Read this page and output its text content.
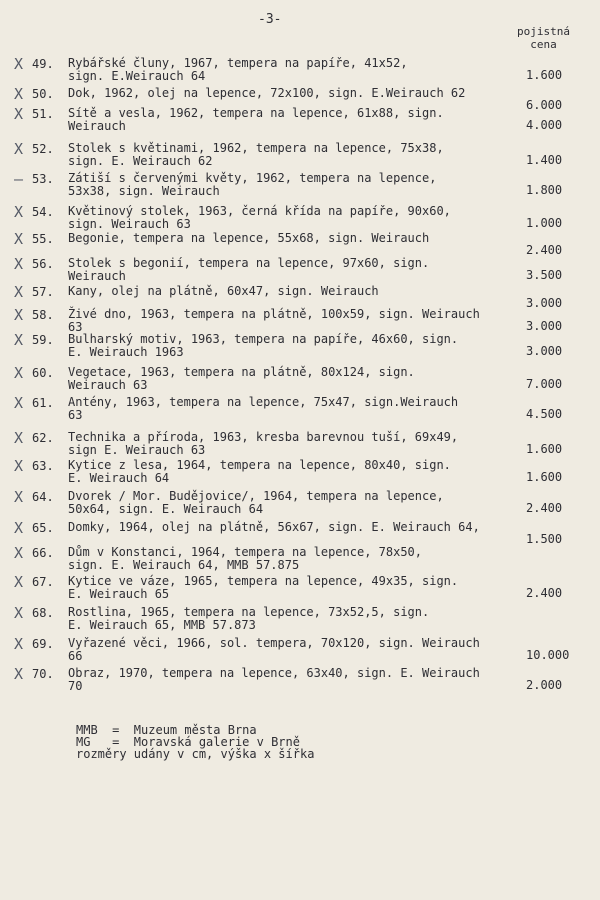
-3-
pojistná
cena
X 49. Rybářské čluny, 1967, tempera na papíře, 41x52,
sign. E.Weirauch 64	1.600
X 50. Dok, 1962, olej na lepence, 72x100, sign. E.Weirauch 62
6.000
X 51. Sítě a vesla, 1962, tempera na lepence, 61x88, sign.
Weirauch	4.000
X 52. Stolek s květinami, 1962, tempera na lepence, 75x38,
sign. E. Weirauch 62	1.400
— 53. Zátiší s červenými květy, 1962, tempera na lepence,
53x38, sign. Weirauch	1.800
X 54. Květinový stolek, 1963, černá křída na papíře, 90x60,
sign. Weirauch 63	1.000
X 55. Begonie, tempera na lepence, 55x68, sign. Weirauch
2.400
X 56. Stolek s begonií, tempera na lepence, 97x60, sign.
Weirauch	3.500
X 57. Kany, olej na plátně, 60x47, sign. Weirauch
3.000
X 58. Živé dno, 1963, tempera na plátně, 100x59, sign. Weirauch
63	3.000
X 59. Bulharský motiv, 1963, tempera na papíře, 46x60, sign.
E. Weirauch 1963	3.000
X 60. Vegetace, 1963, tempera na plátně, 80x124, sign.
Weirauch 63	7.000
X 61. Antény, 1963, tempera na lepence, 75x47, sign.Weirauch
63	4.500
X 62. Technika a příroda, 1963, kresba barevnou tuší, 69x49,
sign E. Weirauch 63	1.600
X 63. Kytice z lesa, 1964, tempera na lepence, 80x40, sign.
E. Weirauch 64	1.600
X 64. Dvorek / Mor. Budějovice/, 1964, tempera na lepence,
50x64, sign. E. Weirauch 64	2.400
X 65. Domky, 1964, olej na plátně, 56x67, sign. E. Weirauch 64,
1.500
X 66. Dům v Konstanci, 1964, tempera na lepence, 78x50,
sign. E. Weirauch 64, MMB 57.875
X 67. Kytice ve váze, 1965, tempera na lepence, 49x35, sign.
E. Weirauch 65	2.400
X 68. Rostlina, 1965, tempera na lepence, 73x52,5, sign.
E. Weirauch 65, MMB 57.873
X 69. Vyřazené věci, 1966, sol. tempera, 70x120, sign. Weirauch
66	10.000
X 70. Obraz, 1970, tempera na lepence, 63x40, sign. E. Weirauch
70	2.000
MMB  =  Muzeum města Brna
MG   =  Moravská galerie v Brně
rozměry udány v cm, výška x šířka
